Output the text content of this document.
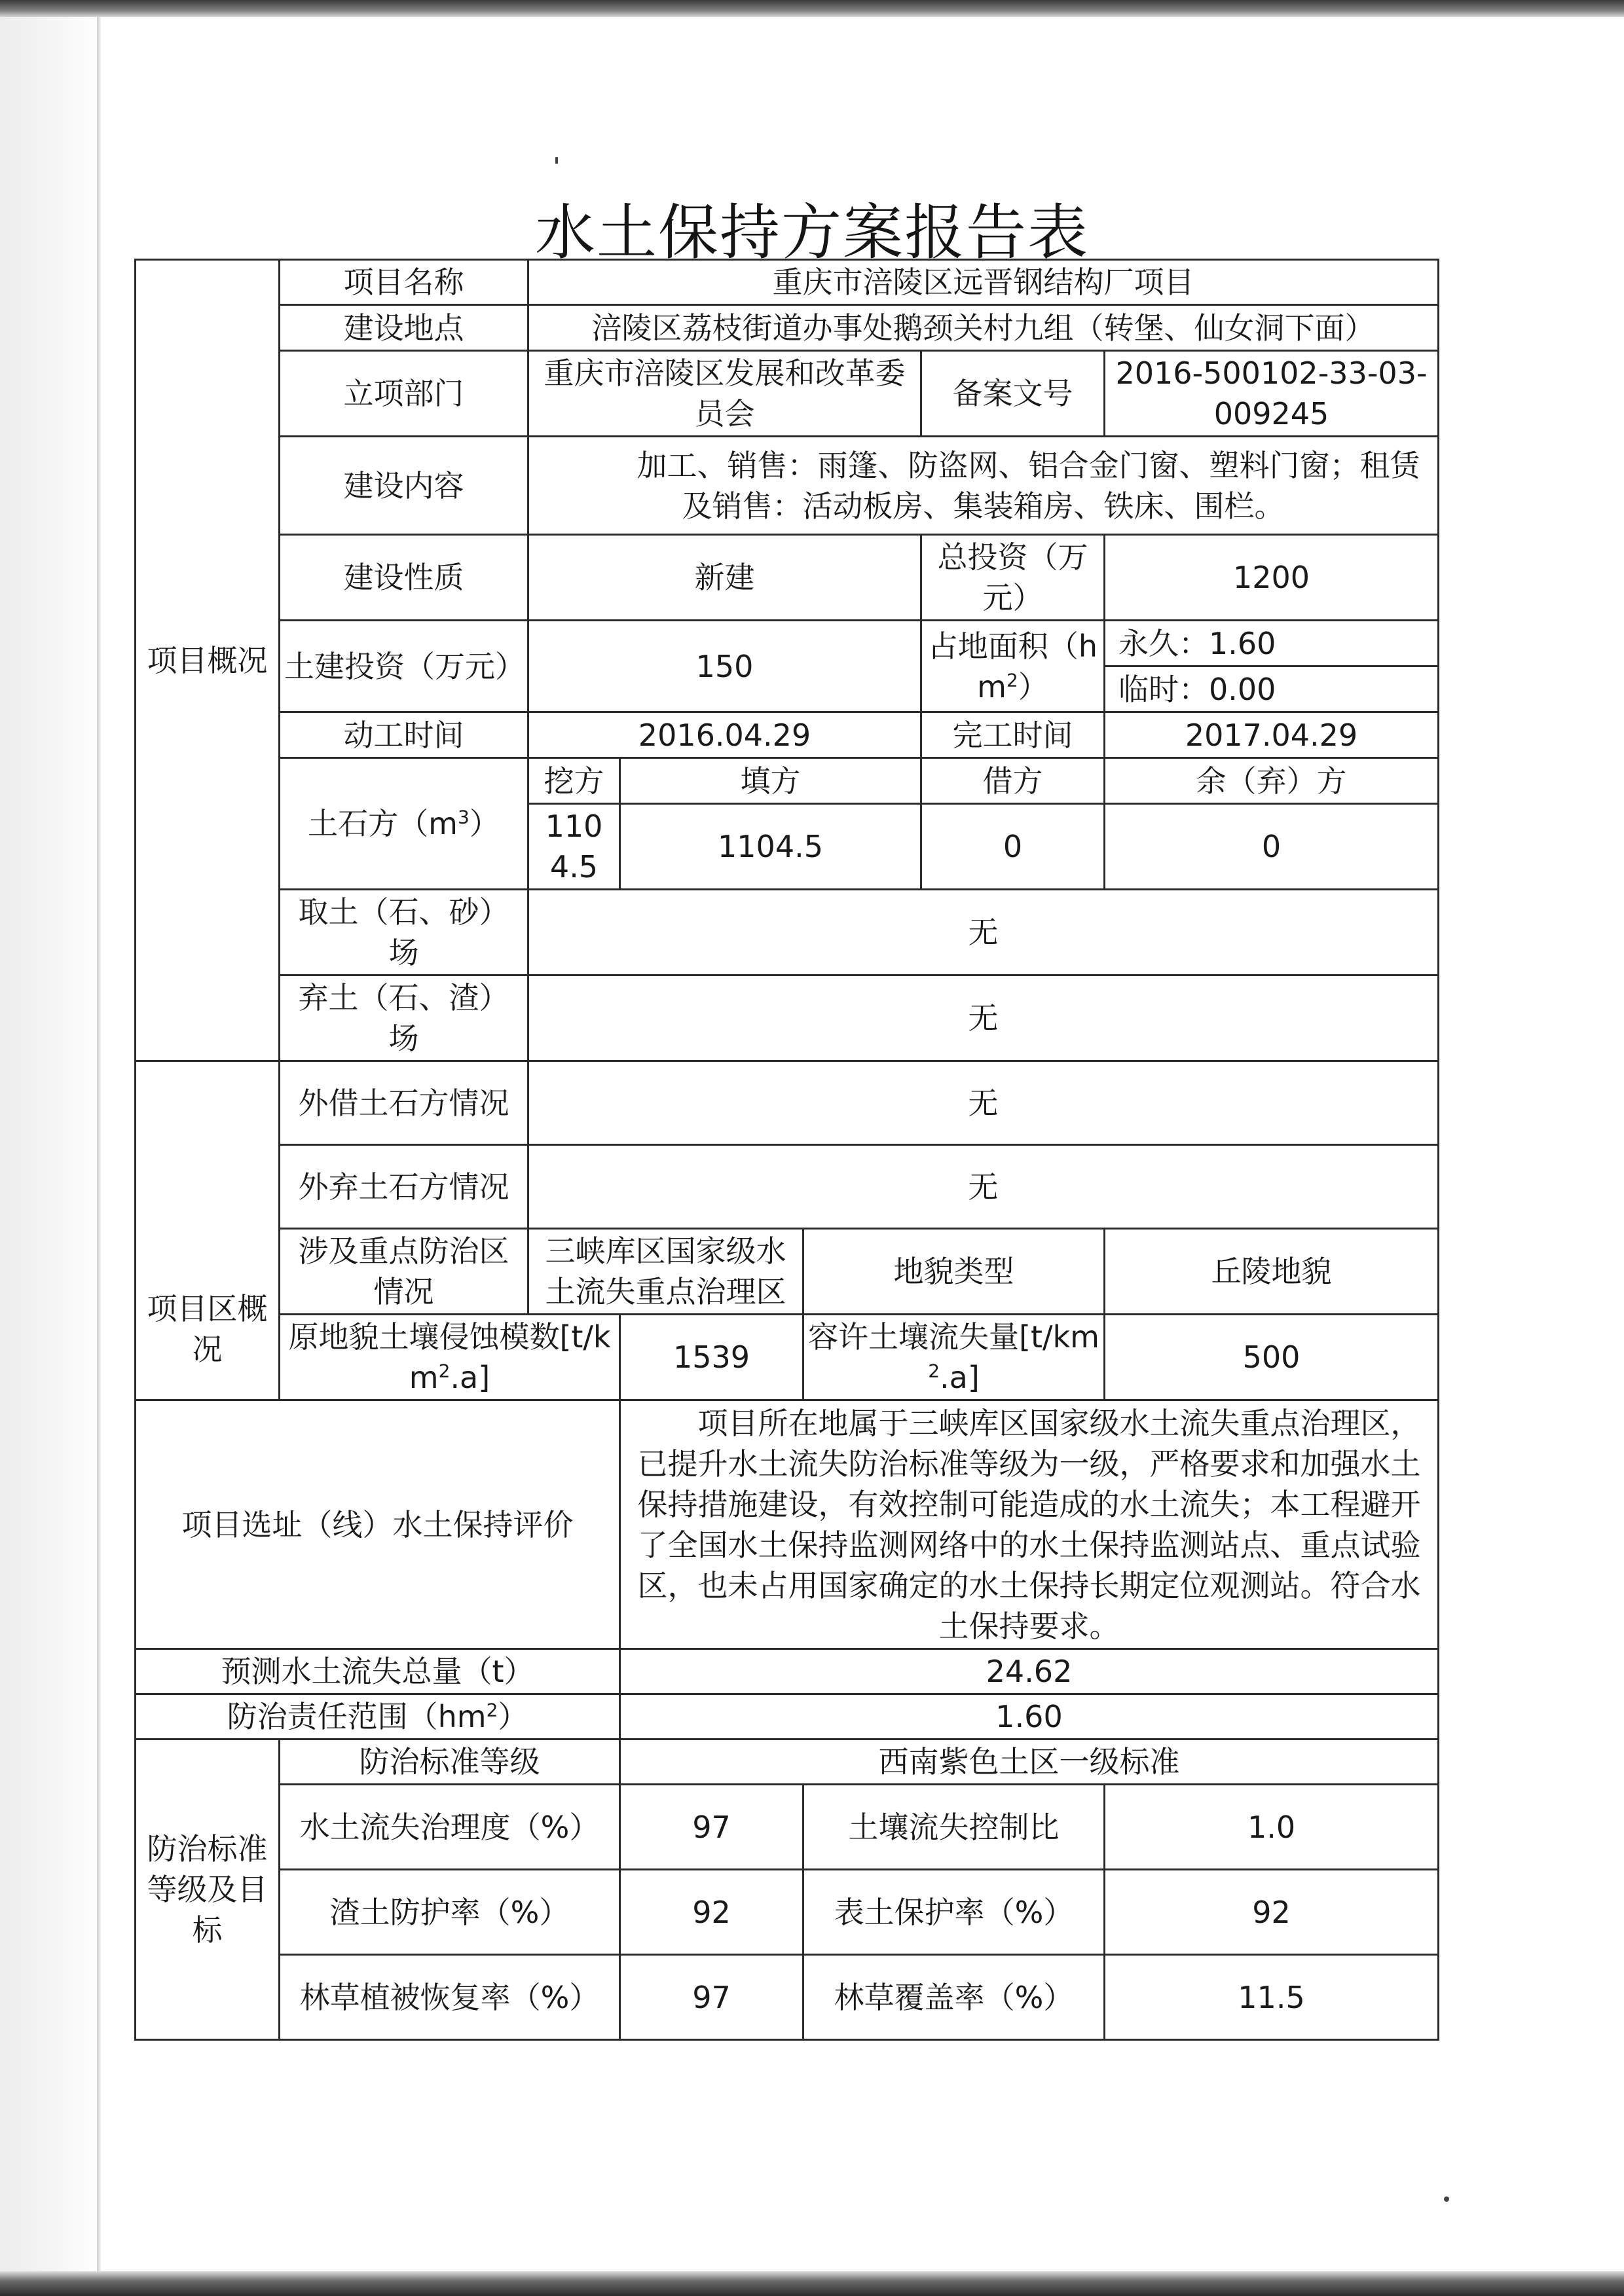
水土保持方案报告表
项目概况	项目名称	重庆市涪陵区远晋钢结构厂项目				
	建设地点	涪陵区荔枝街道办事处鹅颈关村九组（转堡、仙女洞下面）				
	立项部门	重庆市涪陵区发展和改革委员会			备案文号	2016-500102-33-03-009245
	建设内容	加工、销售：雨篷、防盗网、铝合金门窗、塑料门窗；租赁及销售：活动板房、集装箱房、铁床、围栏。				
	建设性质	新建			总投资（万元）	1200
	土建投资（万元）	150			占地面积$(hm^2)$	永久：1.60
						临时：0.00
	动工时间	2016.04.29			完工时间	2017.04.29
	土石方$(m^3)$	挖方	填方		借方	余（弃）方
		1104.5	1104.5		0	0
	取土（石、砂）场	无				
	弃土（石、渣）场	无				

项目区概况	外借土石方情况	无				
	外弃土石方情况	无				
	涉及重点防治区情况	三峡库区国家级水土流失重点治理区		地貌类型		丘陵地貌
	原地貌土壤侵蚀模数$[t/km^2.a]$		1539	容许土壤流失量$[t/km^2.a]$		500

项目选址（线）水土保持评价			项目所在地属于三峡库区国家级水土流失重点治理区，已提升水土流失防治标准等级为一级，严格要求和加强水土保持措施建设，有效控制可能造成的水土流失；本工程避开了全国水土保持监测网络中的水土保持监测站点、重点试验区，也未占用国家确定的水土保持长期定位观测站。符合水土保持要求。			
预测水土流失总量（t）			24.62			
防治责任范围$(hm^2)$			1.60			
防治标准等级及目标	防治标准等级		西南紫色土区一级标准			
	水土流失治理度（%）		97	土壤流失控制比		1.0
	渣土防护率（%）		92	表土保护率（%）		92
	林草植被恢复率（%）		97	林草覆盖率（%）		11.5
